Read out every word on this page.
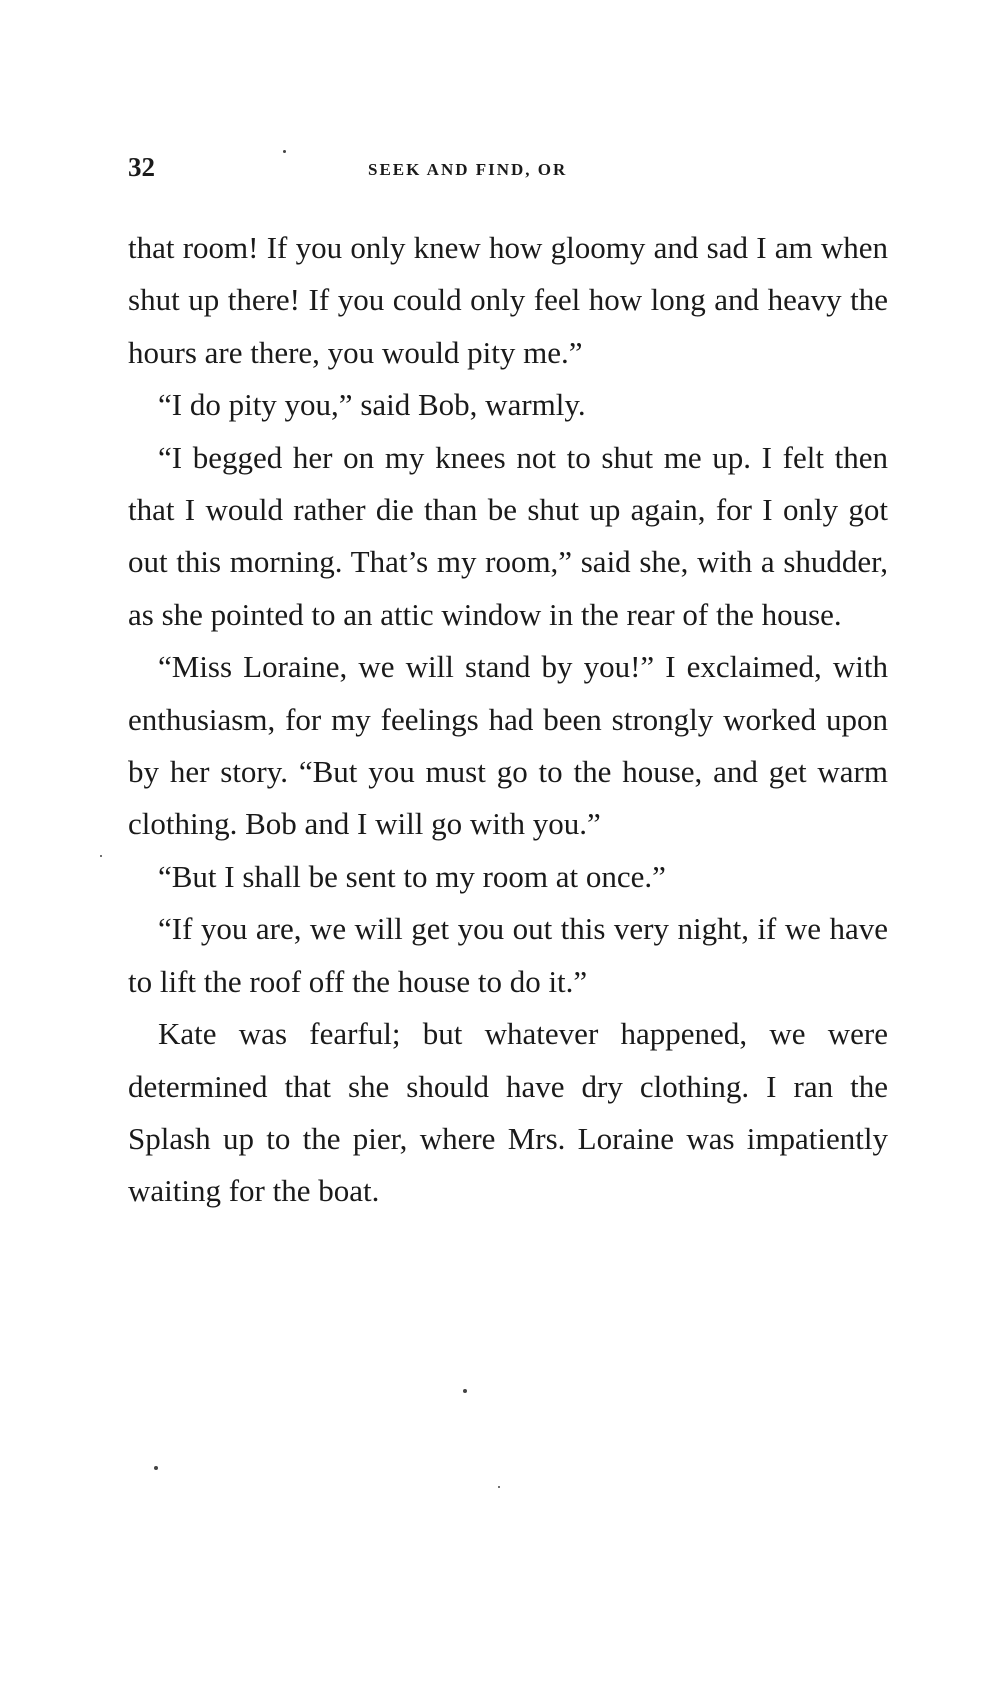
32	SEEK AND FIND, OR

that room! If you only knew how gloomy and sad I am when shut up there! If you could only feel how long and heavy the hours are there, you would pity me.”

“I do pity you,” said Bob, warmly.

“I begged her on my knees not to shut me up. I felt then that I would rather die than be shut up again, for I only got out this morning. That’s my room,” said she, with a shudder, as she pointed to an attic window in the rear of the house.

“Miss Loraine, we will stand by you!” I exclaimed, with enthusiasm, for my feelings had been strongly worked upon by her story. “But you must go to the house, and get warm clothing. Bob and I will go with you.”

“But I shall be sent to my room at once.”

“If you are, we will get you out this very night, if we have to lift the roof off the house to do it.”

Kate was fearful; but whatever happened, we were determined that she should have dry clothing. I ran the Splash up to the pier, where Mrs. Loraine was impatiently waiting for the boat.
